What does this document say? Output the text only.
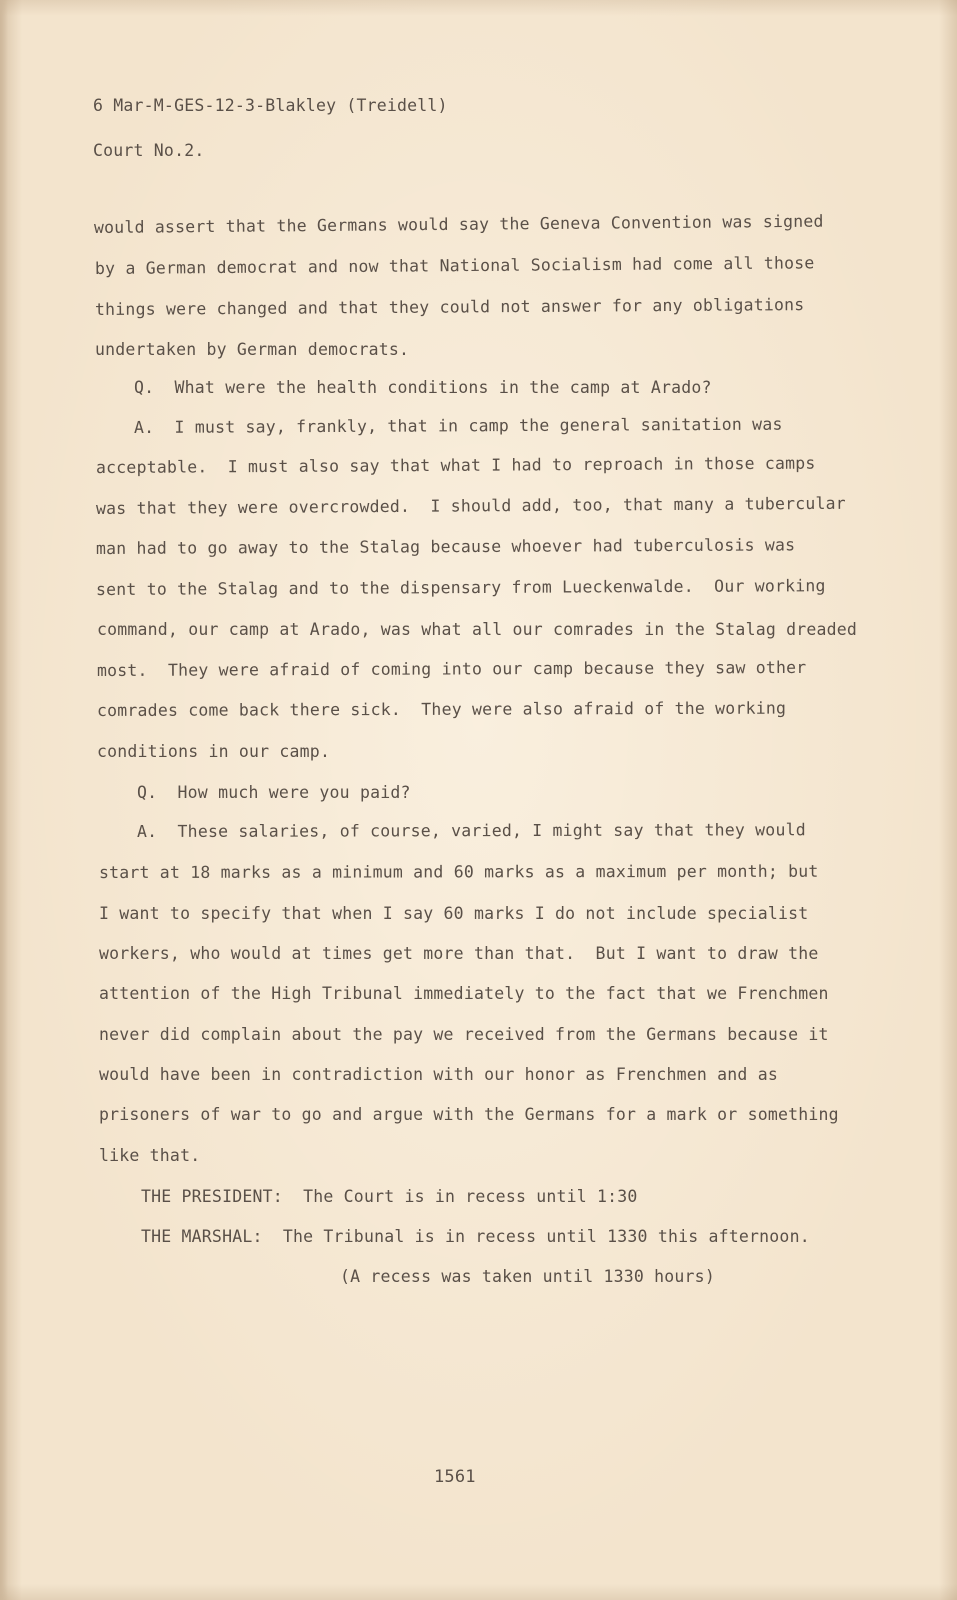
6 Mar-M-GES-12-3-Blakley (Treidell)
Court No.2.
would assert that the Germans would say the Geneva Convention was signed
by a German democrat and now that National Socialism had come all those
things were changed and that they could not answer for any obligations
undertaken by German democrats.
Q.  What were the health conditions in the camp at Arado?
A.  I must say, frankly, that in camp the general sanitation was
acceptable.  I must also say that what I had to reproach in those camps
was that they were overcrowded.  I should add, too, that many a tubercular
man had to go away to the Stalag because whoever had tuberculosis was
sent to the Stalag and to the dispensary from Lueckenwalde.  Our working
command, our camp at Arado, was what all our comrades in the Stalag dreaded
most.  They were afraid of coming into our camp because they saw other
comrades come back there sick.  They were also afraid of the working
conditions in our camp.
Q.  How much were you paid?
A.  These salaries, of course, varied, I might say that they would
start at 18 marks as a minimum and 60 marks as a maximum per month; but
I want to specify that when I say 60 marks I do not include specialist
workers, who would at times get more than that.  But I want to draw the
attention of the High Tribunal immediately to the fact that we Frenchmen
never did complain about the pay we received from the Germans because it
would have been in contradiction with our honor as Frenchmen and as
prisoners of war to go and argue with the Germans for a mark or something
like that.
THE PRESIDENT:  The Court is in recess until 1:30
THE MARSHAL:  The Tribunal is in recess until 1330 this afternoon.
(A recess was taken until 1330 hours)
1561
